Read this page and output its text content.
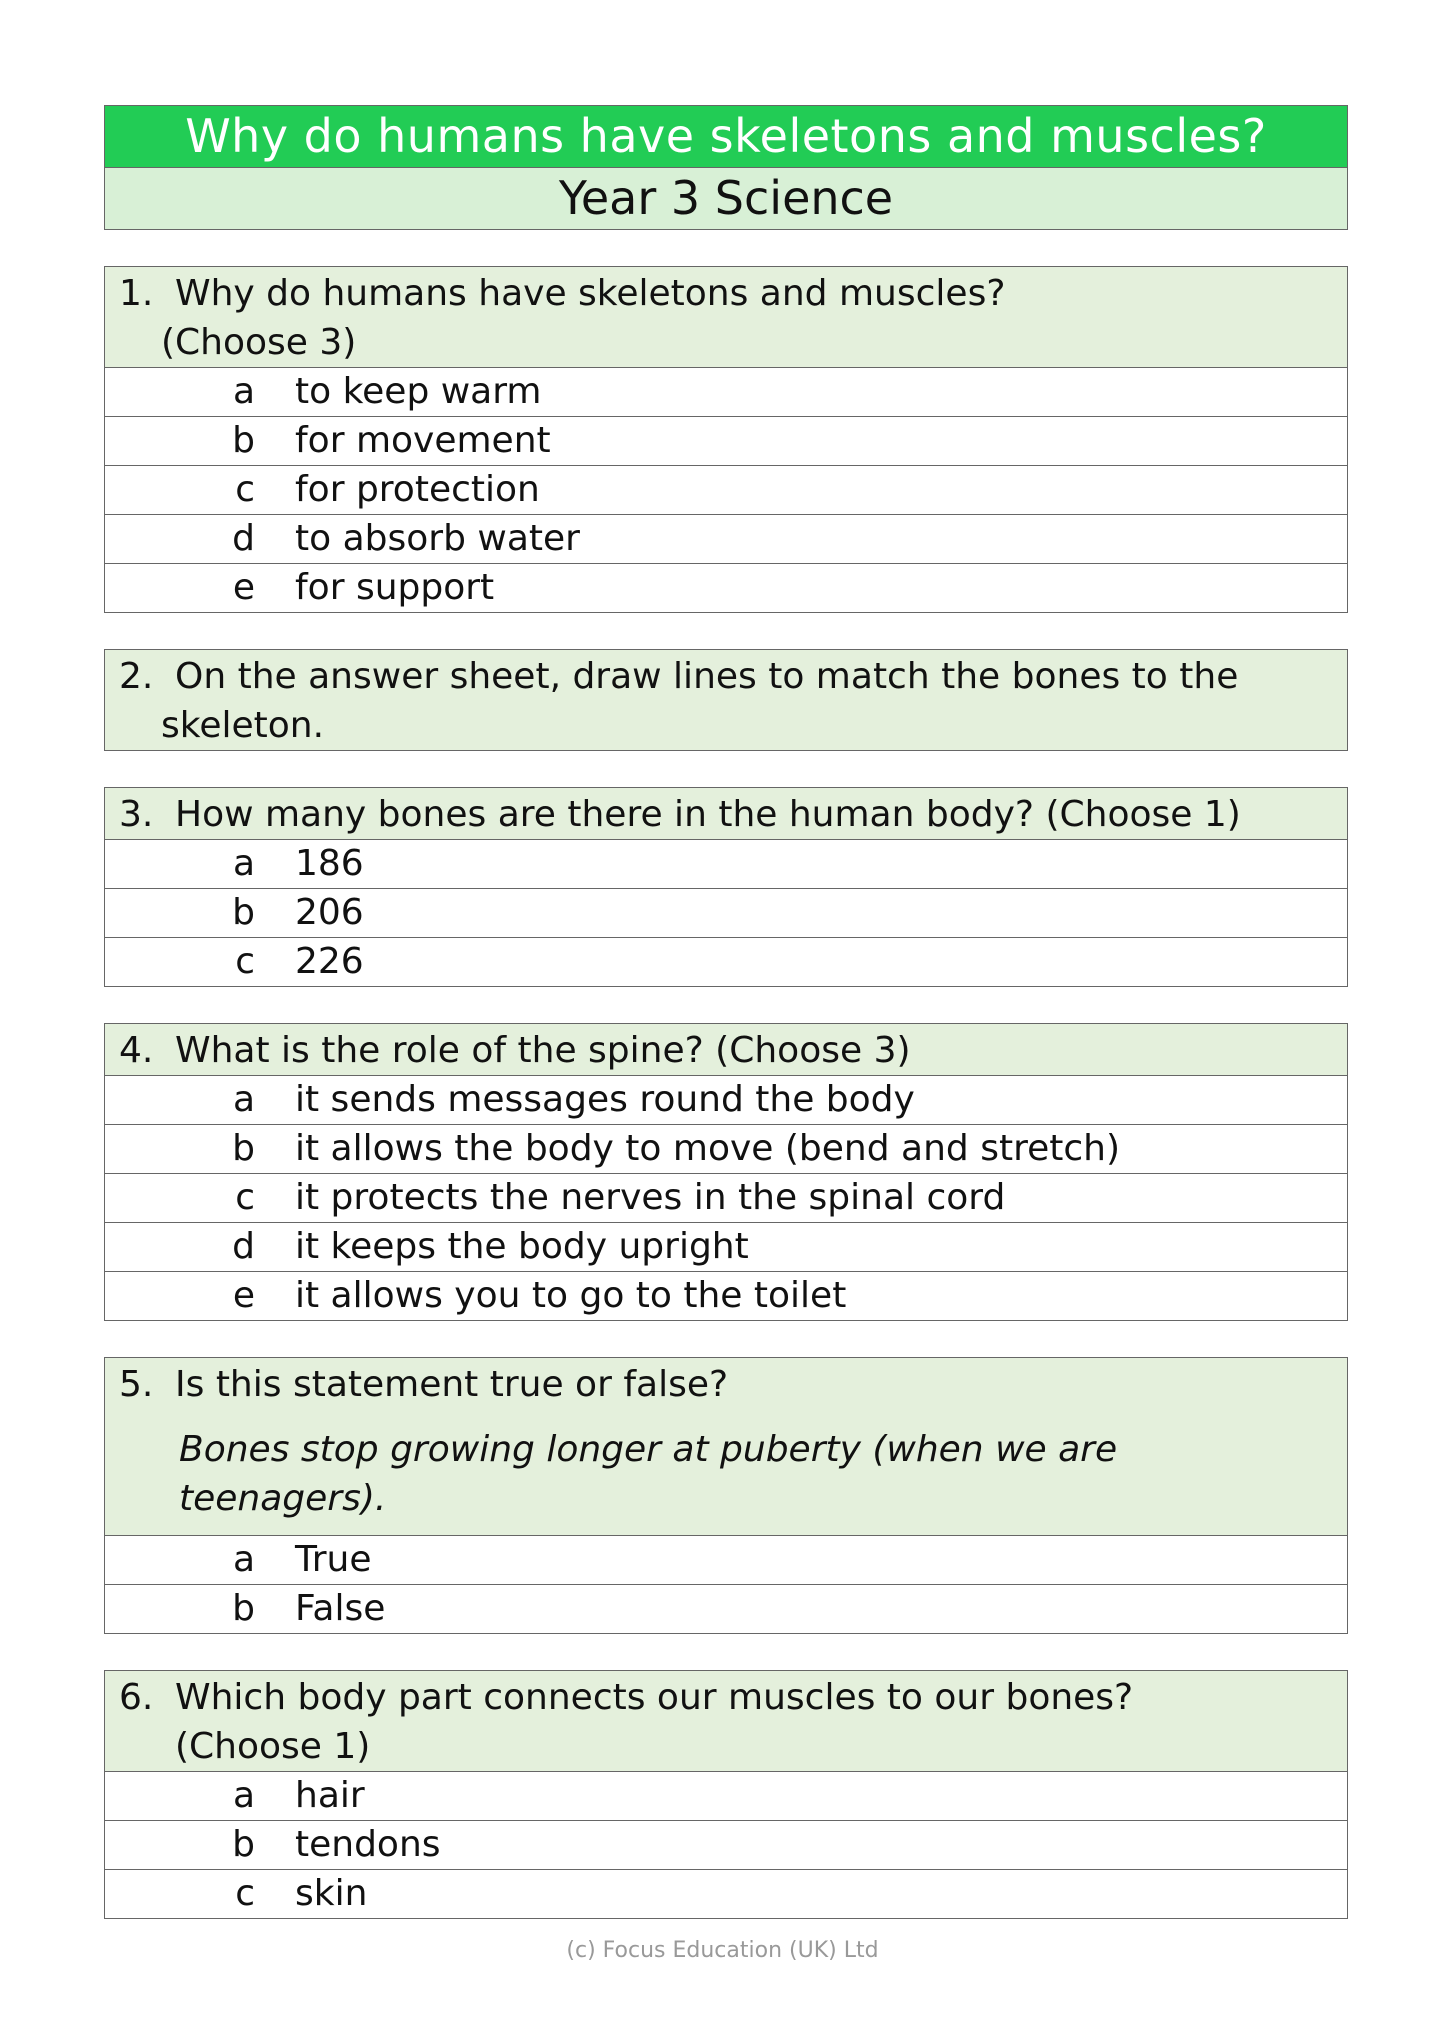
Why do humans have skeletons and muscles?
Year 3 Science
1. Why do humans have skeletons and muscles?
(Choose 3)
a	to keep warm
b	for movement
c	for protection
d	to absorb water
e	for support
2. On the answer sheet, draw lines to match the bones to the
skeleton.
3. How many bones are there in the human body? (Choose 1)
a	186
b	206
c	226
4. What is the role of the spine? (Choose 3)
a	it sends messages round the body
b	it allows the body to move (bend and stretch)
c	it protects the nerves in the spinal cord
d	it keeps the body upright
e	it allows you to go to the toilet
5. Is this statement true or false?
Bones stop growing longer at puberty (when we are teenagers).
a	True
b	False
6. Which body part connects our muscles to our bones?
(Choose 1)
a	hair
b	tendons
c	skin
(c) Focus Education (UK) Ltd
